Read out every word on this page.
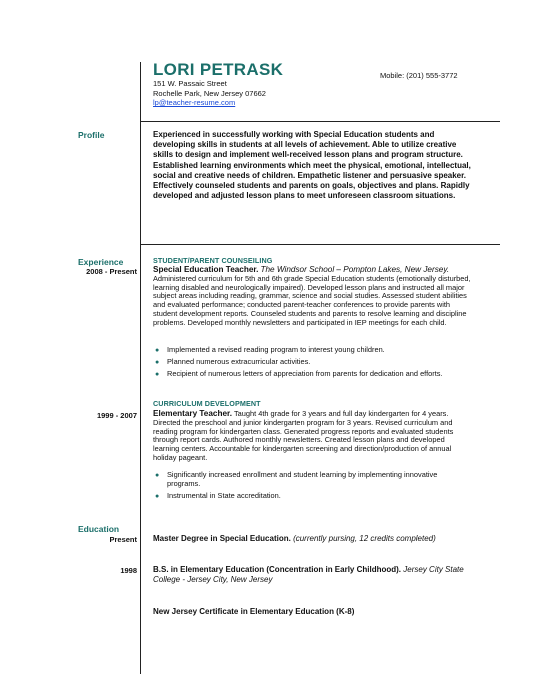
LORI PETRASK
151 W. Passaic Street
Rochelle Park, New Jersey 07662
lp@teacher-resume.com
Mobile: (201) 555-3772
Profile	Experienced in successfully working with Special Education students and developing skills in students at all levels of achievement. Able to utilize creative skills to design and implement well-received lesson plans and program structure. Established learning environments which meet the physical, emotional, intellectual, social and creative needs of children. Empathetic listener and persuasive speaker. Effectively counseled students and parents on goals, objectives and plans. Rapidly developed and adjusted lesson plans to meet unforeseen classroom situations.
Experience
2008 - Present
STUDENT/PARENT COUNSEILING
Special Education Teacher. The Windsor School – Pompton Lakes, New Jersey. Administered curriculum for 5th and 6th grade Special Education students (emotionally disturbed, learning disabled and neurologically impaired). Developed lesson plans and instructed all major subject areas including reading, grammar, science and social studies. Assessed student abilities and evaluated performance; conducted parent-teacher conferences to provide parents with student development reports. Counseled students and parents to resolve learning and discipline problems. Developed monthly newsletters and participated in IEP meetings for each child.
● Implemented a revised reading program to interest young children.
● Planned numerous extracurricular activities.
● Recipient of numerous letters of appreciation from parents for dedication and efforts.
CURRICULUM DEVELOPMENT
1999 - 2007 Elementary Teacher. Taught 4th grade for 3 years and full day kindergarten for 4 years. Directed the preschool and junior kindergarten program for 3 years. Revised curriculum and reading program for kindergarten class. Generated progress reports and evaluated students through report cards. Authored monthly newsletters. Created lesson plans and developed learning centers. Accountable for kindergarten screening and direction/production of annual holiday pageant.
● Significantly increased enrollment and student learning by implementing innovative programs.
● Instrumental in State accreditation.
Education
Present Master Degree in Special Education. (currently pursing, 12 credits completed)
1998 B.S. in Elementary Education (Concentration in Early Childhood). Jersey City State College - Jersey City, New Jersey
New Jersey Certificate in Elementary Education (K-8)
